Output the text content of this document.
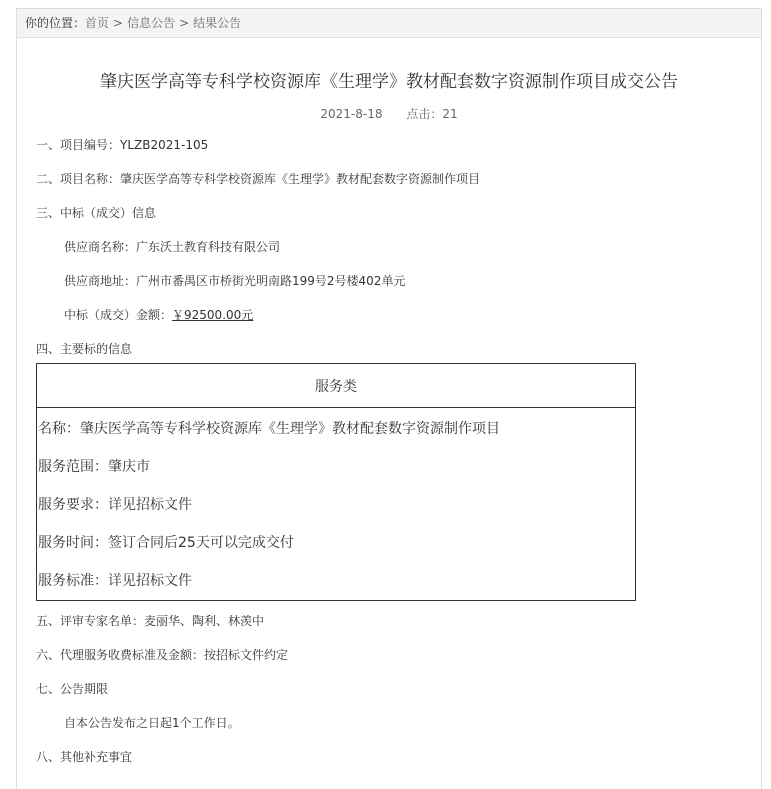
你的位置：首页 > 信息公告 > 结果公告
肇庆医学高等专科学校资源库《生理学》教材配套数字资源制作项目成交公告
2021-8-18 点击：21
一、项目编号：YLZB2021-105
二、项目名称：肇庆医学高等专科学校资源库《生理学》教材配套数字资源制作项目
三、中标（成交）信息
供应商名称：广东沃土教育科技有限公司
供应商地址：广州市番禺区市桥街光明南路199号2号楼402单元
中标（成交）金额：￥92500.00元
四、主要标的信息
服务类

名称：肇庆医学高等专科学校资源库《生理学》教材配套数字资源制作项目
服务范围：肇庆市
服务要求：详见招标文件
服务时间：签订合同后25天可以完成交付
服务标准：详见招标文件
五、评审专家名单：麦丽华、陶利、林羡中
六、代理服务收费标准及金额：按招标文件约定
七、公告期限
自本公告发布之日起1个工作日。
八、其他补充事宜
